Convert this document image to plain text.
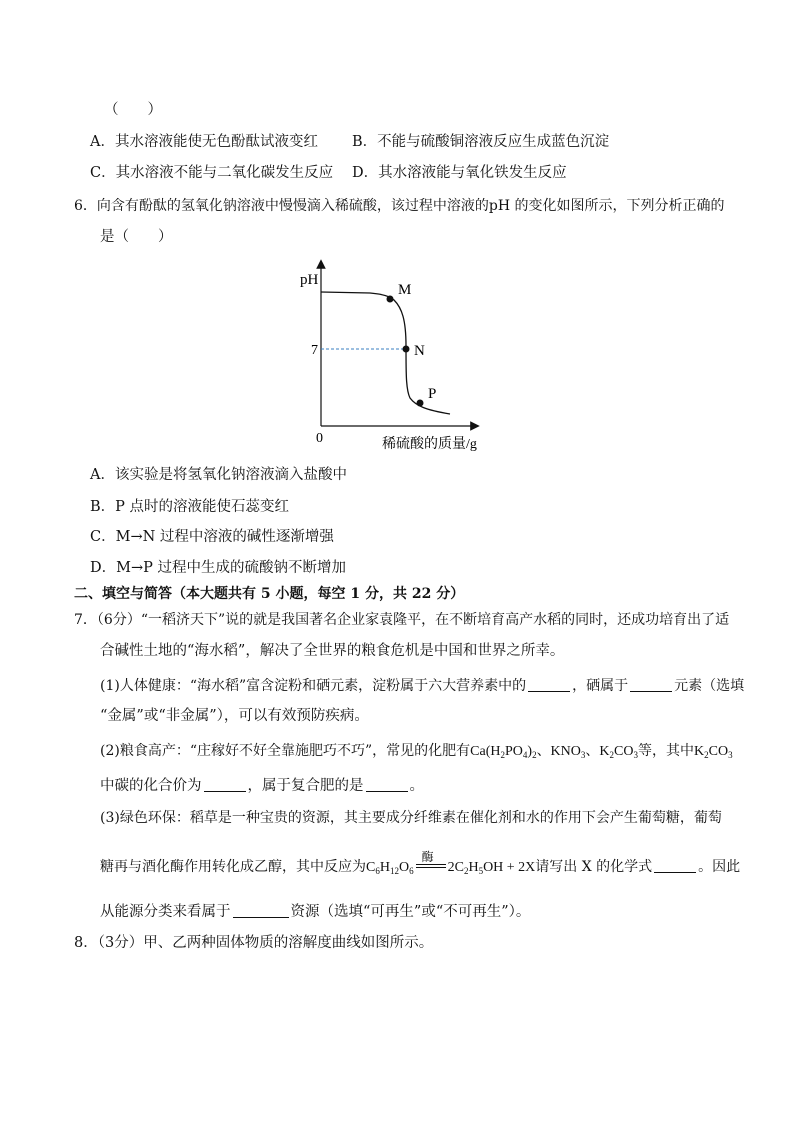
（　　）
A．其水溶液能使无色酚酞试液变红 B．不能与硫酸铜溶液反应生成蓝色沉淀
C．其水溶液不能与二氧化碳发生反应 D．其水溶液能与氧化铁发生反应
6．向含有酚酞的氢氧化钠溶液中慢慢滴入稀硫酸，该过程中溶液的pH 的变化如图所示，下列分析正确的
是（　　）
pH
0
7
稀硫酸的质量/g
M
N
P
A．该实验是将氢氧化钠溶液滴入盐酸中
B．P 点时的溶液能使石蕊变红
C．M→N 过程中溶液的碱性逐渐增强
D．M→P 过程中生成的硫酸钠不断增加
二、填空与简答（本大题共有 5 小题，每空 1 分，共 22 分）
7．（6分）“一稻济天下”说的就是我国著名企业家袁隆平，在不断培育高产水稻的同时，还成功培育出了适
合碱性土地的“海水稻”，解决了全世界的粮食危机是中国和世界之所幸。
(1)人体健康：“海水稻”富含淀粉和硒元素，淀粉属于六大营养素中的	，硒属于	元素（选填
“金属”或“非金属”），可以有效预防疾病。
(2)粮食高产：“庄稼好不好全靠施肥巧不巧”，常见的化肥有$Ca(H_2PO_4)_2$、$KNO_3$、$K_2CO_3$等，其中$K_2CO_3$
中碳的化合价为	，属于复合肥的是	。
(3)绿色环保：稻草是一种宝贵的资源，其主要成分纤维素在催化剂和水的作用下会产生葡萄糖，葡萄
糖再与酒化酶作用转化成乙醇，其中反应为$C_6H_{12}O_6$
酶
$2C_2H_5OH + 2X$请写出 X 的化学式	。因此
从能源分类来看属于	资源（选填“可再生”或“不可再生”）。
8．（3分）甲、乙两种固体物质的溶解度曲线如图所示。
